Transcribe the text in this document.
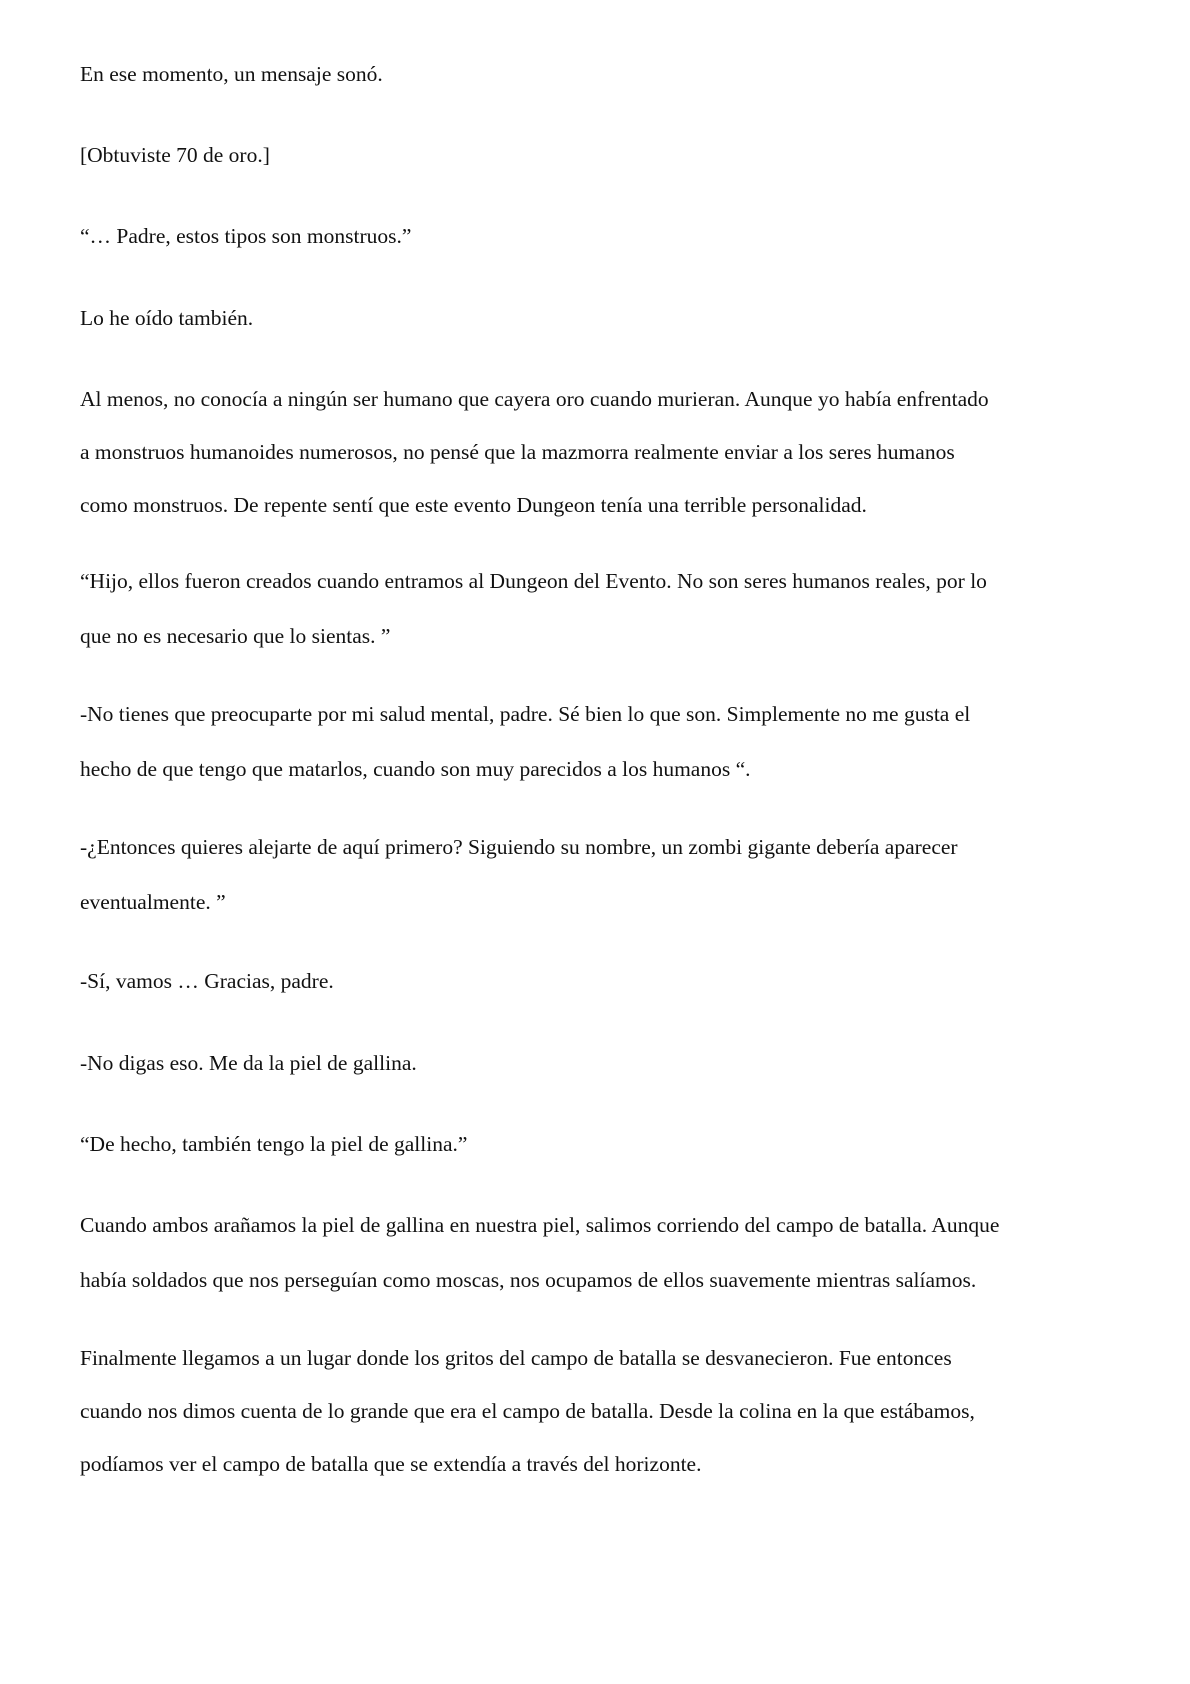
En ese momento, un mensaje sonó.
[Obtuviste 70 de oro.]
“… Padre, estos tipos son monstruos.”
Lo he oído también.
Al menos, no conocía a ningún ser humano que cayera oro cuando murieran. Aunque yo había enfrentado
a monstruos humanoides numerosos, no pensé que la mazmorra realmente enviar a los seres humanos
como monstruos. De repente sentí que este evento Dungeon tenía una terrible personalidad.
“Hijo, ellos fueron creados cuando entramos al Dungeon del Evento. No son seres humanos reales, por lo
que no es necesario que lo sientas. ”
-No tienes que preocuparte por mi salud mental, padre. Sé bien lo que son. Simplemente no me gusta el
hecho de que tengo que matarlos, cuando son muy parecidos a los humanos “.
-¿Entonces quieres alejarte de aquí primero? Siguiendo su nombre, un zombi gigante debería aparecer
eventualmente. ”
-Sí, vamos … Gracias, padre.
-No digas eso. Me da la piel de gallina.
“De hecho, también tengo la piel de gallina.”
Cuando ambos arañamos la piel de gallina en nuestra piel, salimos corriendo del campo de batalla. Aunque
había soldados que nos perseguían como moscas, nos ocupamos de ellos suavemente mientras salíamos.
Finalmente llegamos a un lugar donde los gritos del campo de batalla se desvanecieron. Fue entonces
cuando nos dimos cuenta de lo grande que era el campo de batalla. Desde la colina en la que estábamos,
podíamos ver el campo de batalla que se extendía a través del horizonte.
